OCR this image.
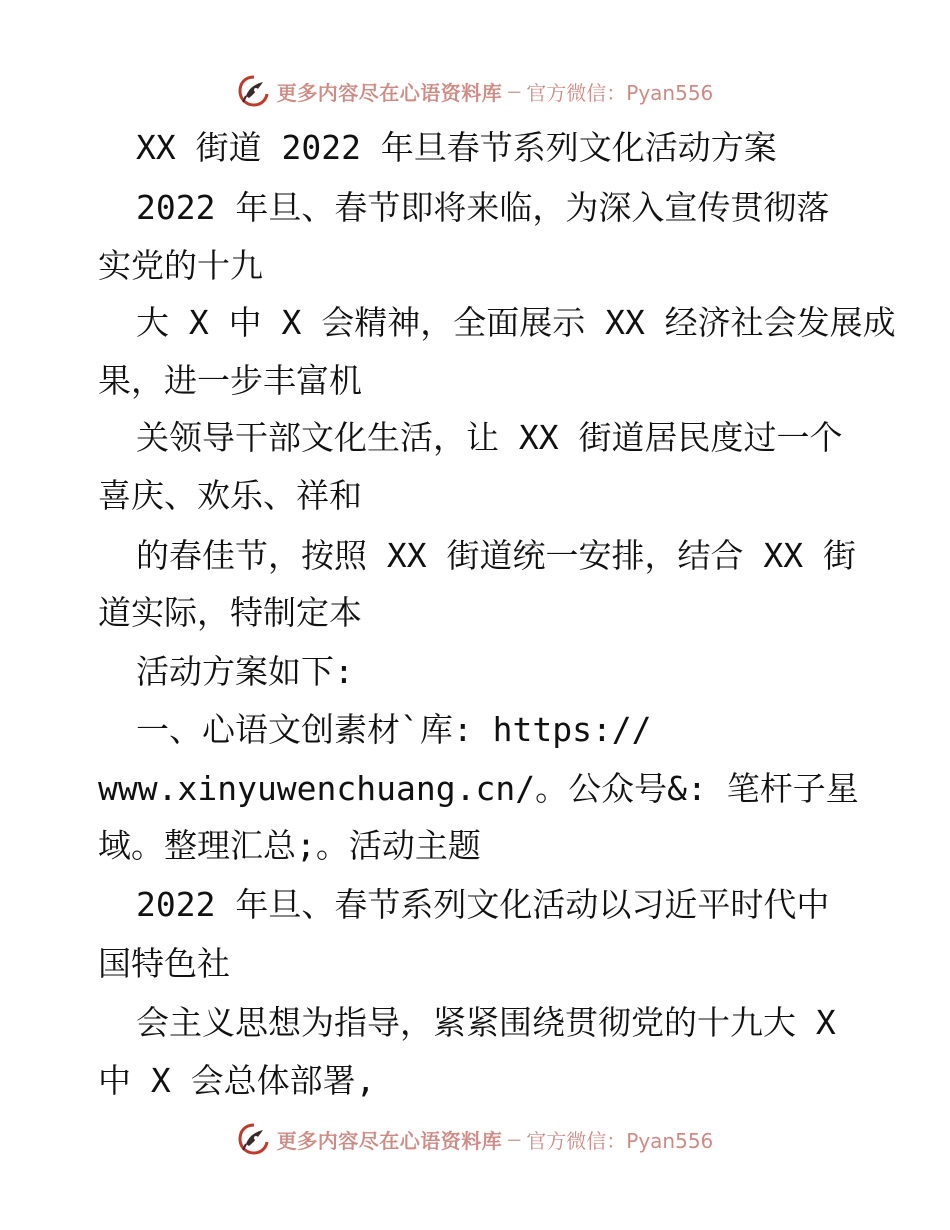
更多内容尽在心语资料库 — 官方微信：Pyan556
XX 街道 2022 年旦春节系列文化活动方案
2022 年旦、春节即将来临，为深入宣传贯彻落
实党的十九
大 X 中 X 会精神，全面展示 XX 经济社会发展成
果，进一步丰富机
关领导干部文化生活，让 XX 街道居民度过一个
喜庆、欢乐、祥和
的春佳节，按照 XX 街道统一安排，结合 XX 街
道实际，特制定本
活动方案如下:
一、心语文创素材`库: https://
www.xinyuwenchuang.cn/。公众号&: 笔杆子星
域。整理汇总;。活动主题
2022 年旦、春节系列文化活动以习近平时代中
国特色社
会主义思想为指导，紧紧围绕贯彻党的十九大 X
中 X 会总体部署,
更多内容尽在心语资料库 — 官方微信：Pyan556
